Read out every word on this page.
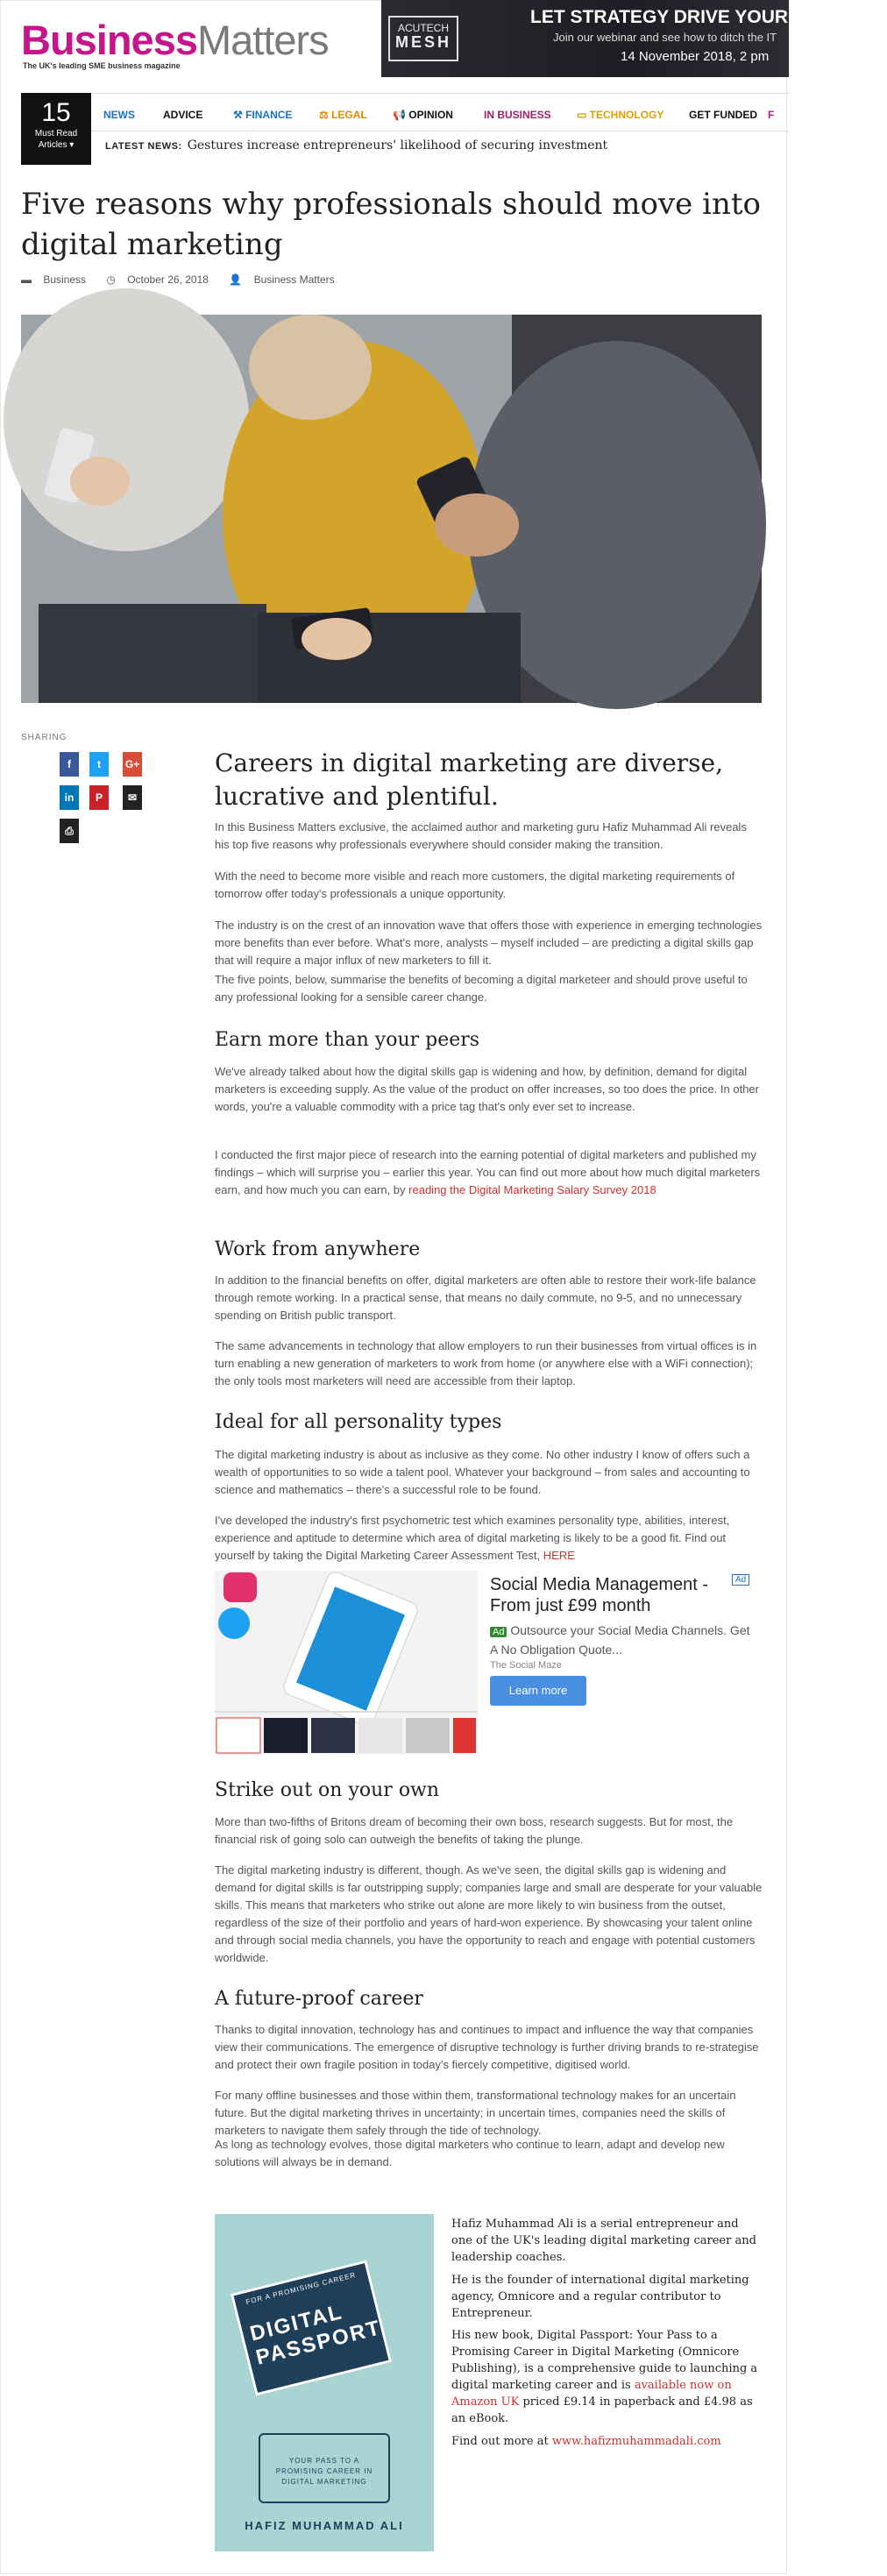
BusinessMatters
The UK's leading SME business magazine
ACUTECH
MESH
LET STRATEGY DRIVE YOUR BUSINESS
Join our webinar and see how to ditch the IT
14 November 2018, 2 pm
NEWS	ADVICE	⚒ FINANCE	⚖ LEGAL 📢 OPINION	IN BUSINESS ▭ TECHNOLOGY GET FUNDED F
15
Must Read
Articles ▾	LATEST NEWS: Gestures increase entrepreneurs' likelihood of securing investment
Five reasons why professionals should move into digital marketing
▬ Business ◷ October 26, 2018 👤 Business Matters
SHARING
f	t	G+
in	P	✉
⎙
Careers in digital marketing are diverse, lucrative and plentiful.

In this Business Matters exclusive, the acclaimed author and marketing guru Hafiz Muhammad Ali reveals his top five reasons why professionals everywhere should consider making the transition.

With the need to become more visible and reach more customers, the digital marketing requirements of tomorrow offer today's professionals a unique opportunity.

The industry is on the crest of an innovation wave that offers those with experience in emerging technologies more benefits than ever before. What's more, analysts – myself included – are predicting a digital skills gap that will require a major influx of new marketers to fill it.

The five points, below, summarise the benefits of becoming a digital marketeer and should prove useful to any professional looking for a sensible career change.

Earn more than your peers

We've already talked about how the digital skills gap is widening and how, by definition, demand for digital marketers is exceeding supply. As the value of the product on offer increases, so too does the price. In other words, you're a valuable commodity with a price tag that's only ever set to increase.

I conducted the first major piece of research into the earning potential of digital marketers and published my findings – which will surprise you – earlier this year. You can find out more about how much digital marketers earn, and how much you can earn, by reading the Digital Marketing Salary Survey 2018

Work from anywhere

In addition to the financial benefits on offer, digital marketers are often able to restore their work-life balance through remote working. In a practical sense, that means no daily commute, no 9-5, and no unnecessary spending on British public transport.

The same advancements in technology that allow employers to run their businesses from virtual offices is in turn enabling a new generation of marketers to work from home (or anywhere else with a WiFi connection); the only tools most marketers will need are accessible from their laptop.

Ideal for all personality types

The digital marketing industry is about as inclusive as they come. No other industry I know of offers such a wealth of opportunities to so wide a talent pool. Whatever your background – from sales and accounting to science and mathematics – there's a successful role to be found.

I've developed the industry's first psychometric test which examines personality type, abilities, interest, experience and aptitude to determine which area of digital marketing is likely to be a good fit. Find out yourself by taking the Digital Marketing Career Assessment Test, HERE

Social Media Management - From just £99 month
Ad
Ad Outsource your Social Media Channels. Get A No Obligation Quote...
The Social Maze
Learn more
Strike out on your own

More than two-fifths of Britons dream of becoming their own boss, research suggests. But for most, the financial risk of going solo can outweigh the benefits of taking the plunge.

The digital marketing industry is different, though. As we've seen, the digital skills gap is widening and demand for digital skills is far outstripping supply; companies large and small are desperate for your valuable skills. This means that marketers who strike out alone are more likely to win business from the outset, regardless of the size of their portfolio and years of hard-won experience. By showcasing your talent online and through social media channels, you have the opportunity to reach and engage with potential customers worldwide.

A future-proof career

Thanks to digital innovation, technology has and continues to impact and influence the way that companies view their communications. The emergence of disruptive technology is further driving brands to re-strategise and protect their own fragile position in today's fiercely competitive, digitised world.

For many offline businesses and those within them, transformational technology makes for an uncertain future. But the digital marketing thrives in uncertainty; in uncertain times, companies need the skills of marketers to navigate them safely through the tide of technology.

As long as technology evolves, those digital marketers who continue to learn, adapt and develop new solutions will always be in demand.

FOR A PROMISING CAREER
DIGITAL PASSPORT
YOUR PASS TO A PROMISING CAREER IN DIGITAL MARKETING
HAFIZ MUHAMMAD ALI
Hafiz Muhammad Ali is a serial entrepreneur and one of the UK's leading digital marketing career and leadership coaches.
He is the founder of international digital marketing agency, Omnicore and a regular contributor to Entrepreneur.
His new book, Digital Passport: Your Pass to a Promising Career in Digital Marketing (Omnicore Publishing), is a comprehensive guide to launching a digital marketing career and is available now on Amazon UK priced £9.14 in paperback and £4.98 as an eBook.
Find out more at www.hafizmuhammadali.com
